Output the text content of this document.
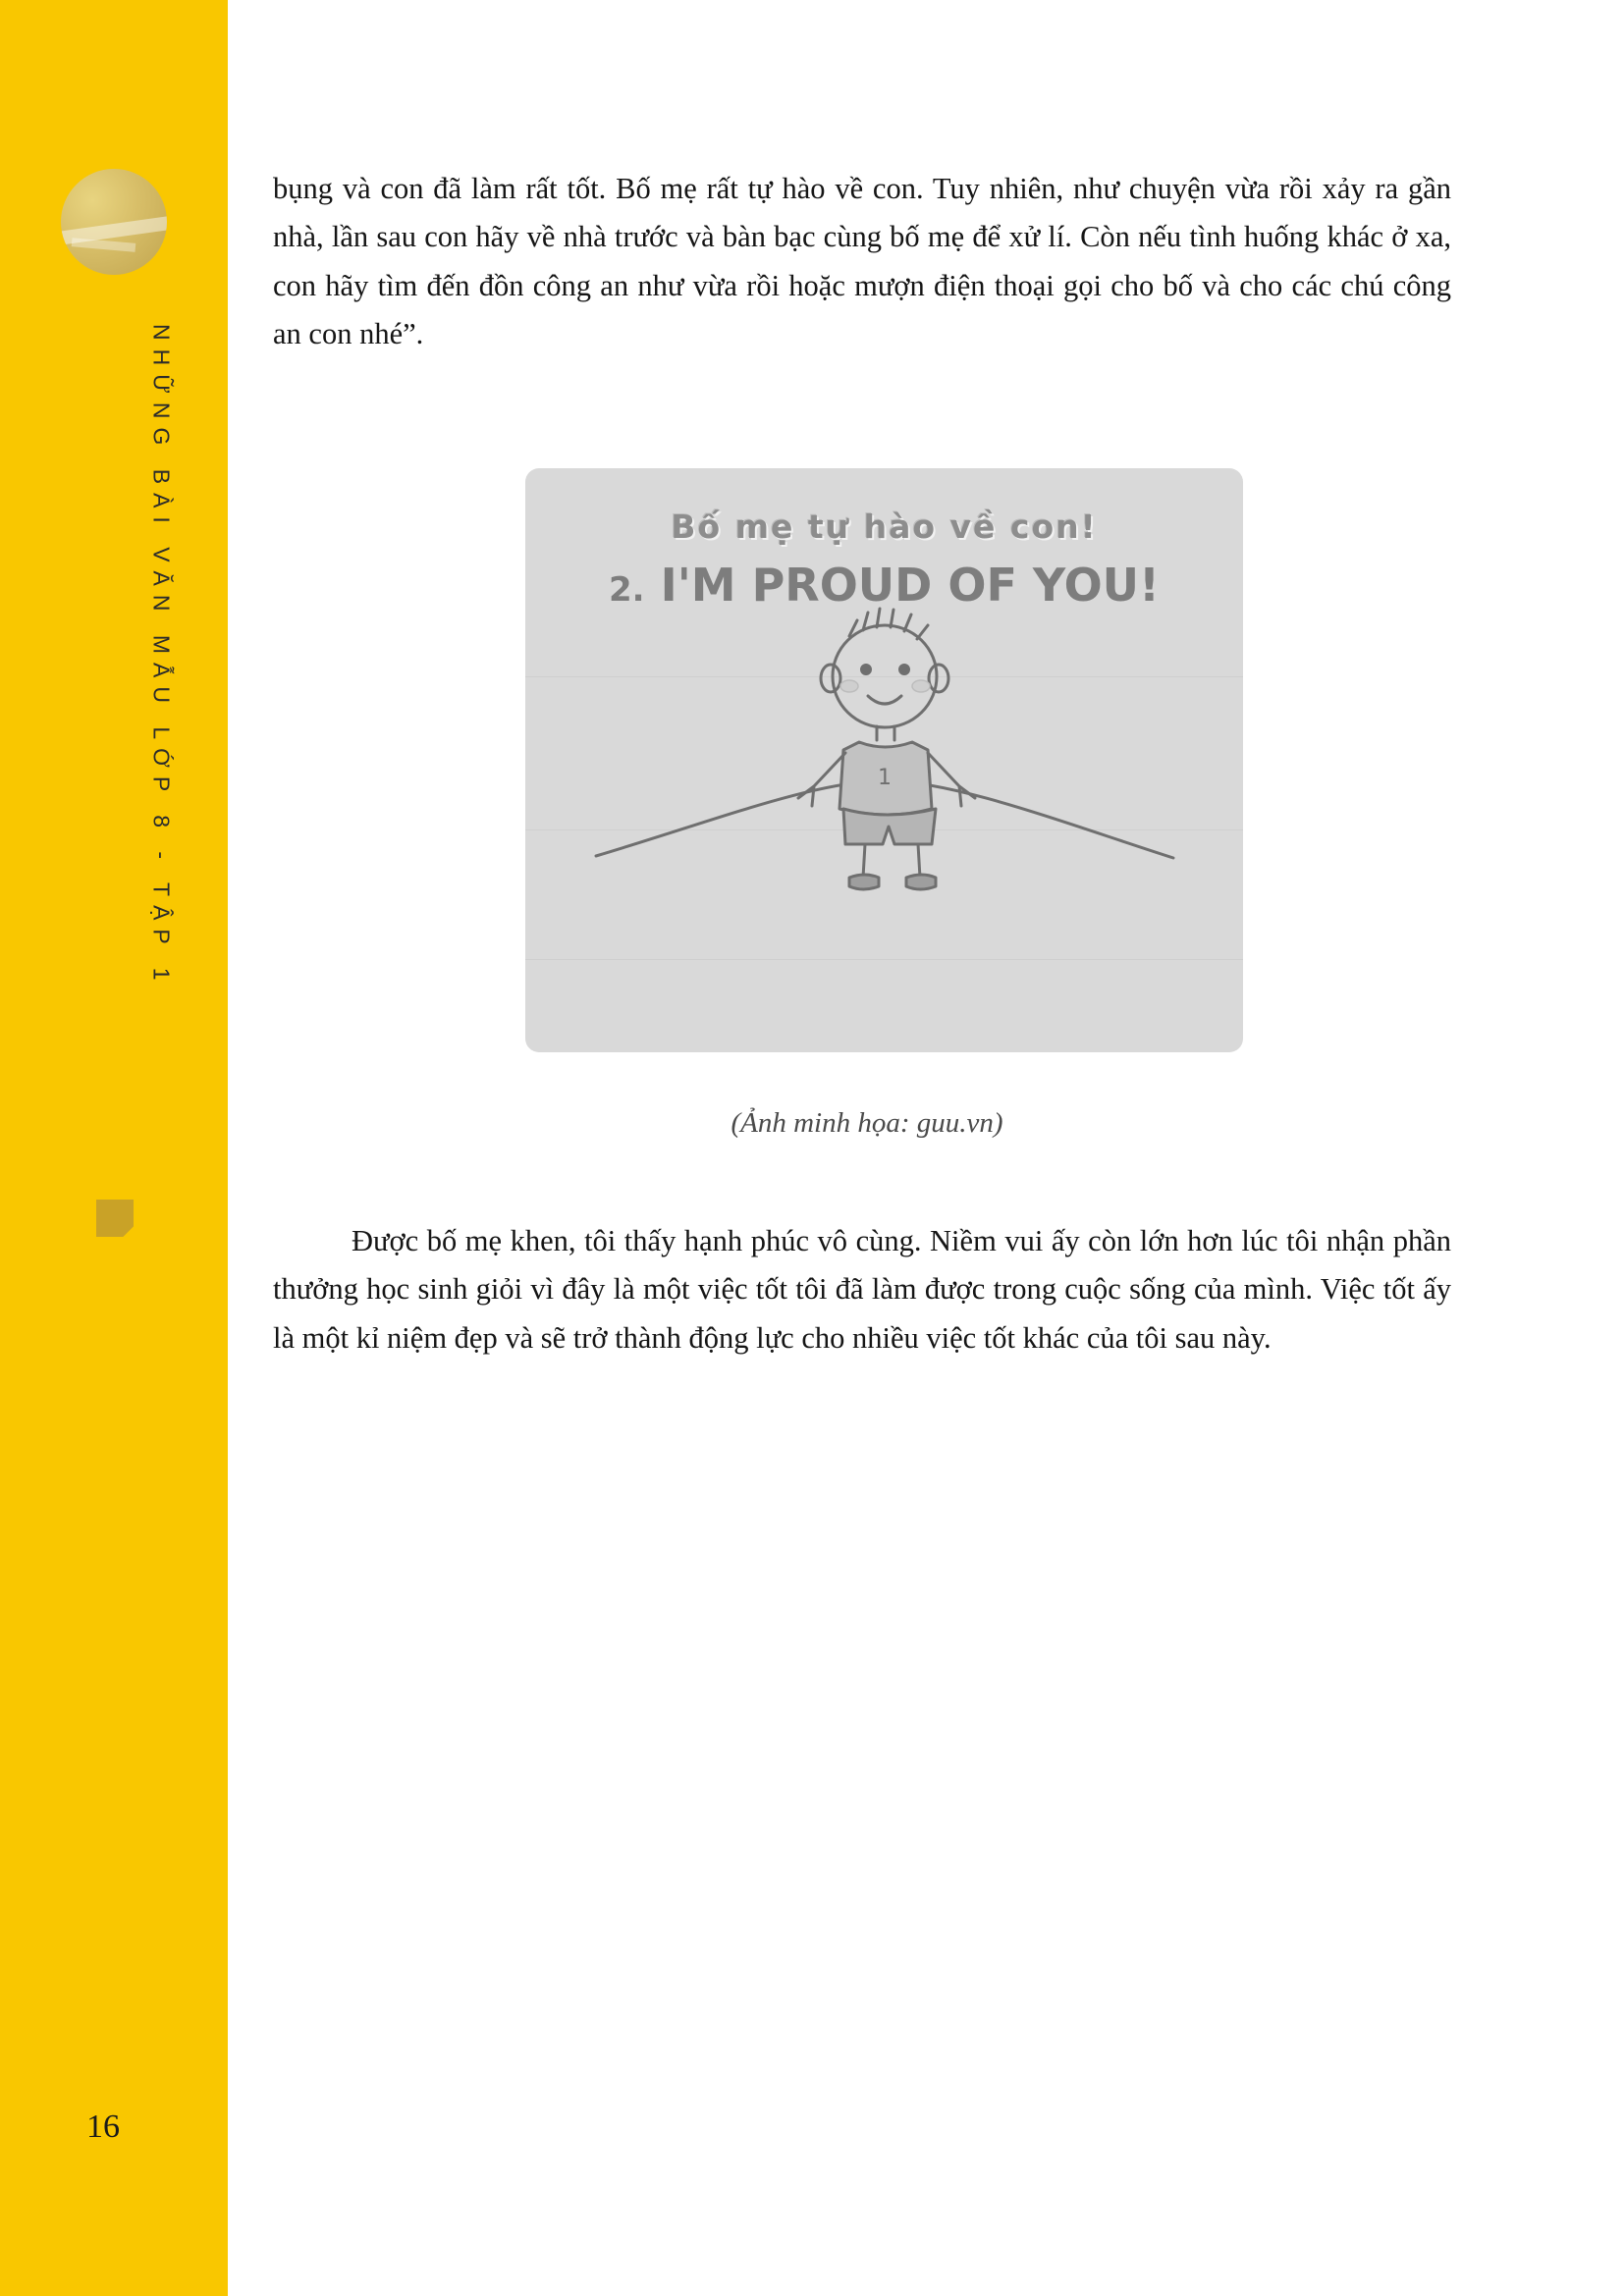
NHỮNG BÀI VĂN MẪU LỚP 8 - TẬP 1
16

bụng và con đã làm rất tốt. Bố mẹ rất tự hào về con. Tuy nhiên, như chuyện vừa rồi xảy ra gần nhà, lần sau con hãy về nhà trước và bàn bạc cùng bố mẹ để xử lí. Còn nếu tình huống khác ở xa, con hãy tìm đến đồn công an như vừa rồi hoặc mượn điện thoại gọi cho bố và cho các chú công an con nhé”.

Bố mẹ tự hào về con!
2. I'M PROUD OF YOU!
1
(Ảnh minh họa: guu.vn)

Được bố mẹ khen, tôi thấy hạnh phúc vô cùng. Niềm vui ấy còn lớn hơn lúc tôi nhận phần thưởng học sinh giỏi vì đây là một việc tốt tôi đã làm được trong cuộc sống của mình. Việc tốt ấy là một kỉ niệm đẹp và sẽ trở thành động lực cho nhiều việc tốt khác của tôi sau này.
